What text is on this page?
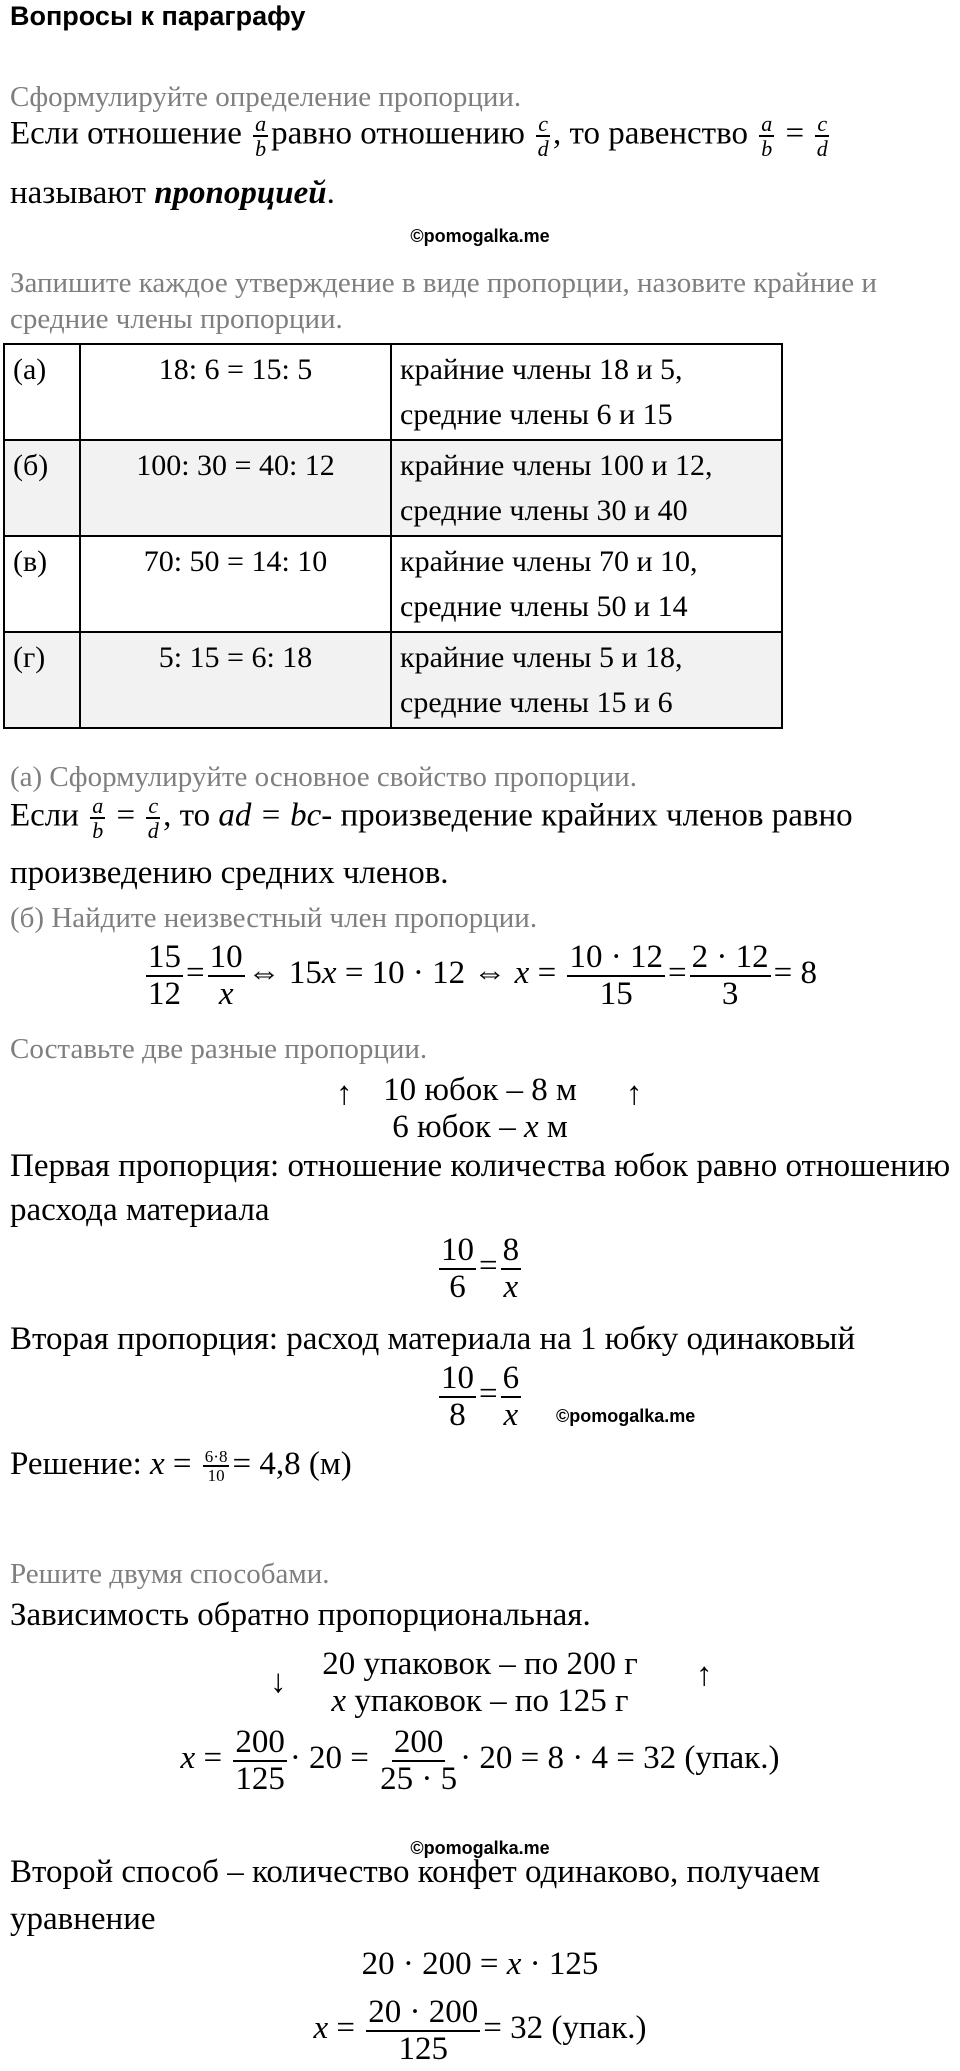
Вопросы к параграфу
Сформулируйте определение пропорции.
Если отношение $\frac{a}{b}$ равно отношению $\frac{c}{d}$ , то равенство $\frac{a}{b} = \frac{c}{d}$
называют пропорцией.
©pomogalka.me
Запишите каждое утверждение в виде пропорции, назовите крайние и
средние члены пропорции.
(а)	18: 6 = 15: 5	крайние члены 18 и 5,
средние члены 6 и 15

(б)	100: 30 = 40: 12	крайние члены 100 и 12,
средние члены 30 и 40

(в)	70: 50 = 14: 10	крайние члены 70 и 10,
средние члены 50 и 14

(г)	5: 15 = 6: 18	крайние члены 5 и 18,
средние члены 15 и 6
(а) Сформулируйте основное свойство пропорции.
Если $\frac{a}{b} = \frac{c}{d}$ , то ad = bc- произведение крайних членов равно
произведению средних членов.
(б) Найдите неизвестный член пропорции.
$\frac{15}{12} = \frac{10}{x}$ ⇔ 15x = 10 · 12 ⇔ $x = \frac{10 \cdot 12}{15} = \frac{2 \cdot 12}{3} = 8$
Составьте две разные пропорции.
↑	↑
10 юбок – 8 м
6 юбок – x м
Первая пропорция: отношение количества юбок равно отношению
расхода материала
$\frac{10}{6} = \frac{8}{x}$
Вторая пропорция: расход материала на 1 юбку одинаковый
$\frac{10}{8} = \frac{6}{x}$ ©pomogalka.me
Решение: $x = \frac{6\cdot 8}{10} = 4,8$ (м)
Решите двумя способами.
Зависимость обратно пропорциональная.
↓	↑
20 упаковок – по 200 г
x упаковок – по 125 г
$x = \frac{200}{125} \cdot 20 = \frac{200}{25 \cdot 5} \cdot 20 = 8 \cdot 4 = 32$ (упак.)
©pomogalka.me
Второй способ – количество конфет одинаково, получаем
уравнение
20 · 200 = x · 125
$x = \frac{20 \cdot 200}{125} = 32$ (упак.)
